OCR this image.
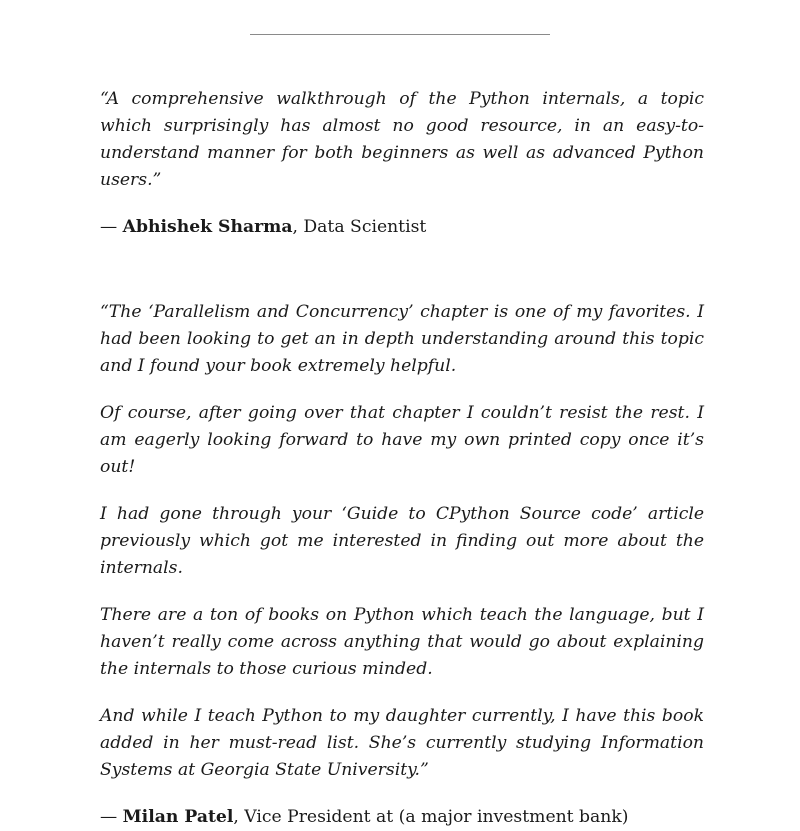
“A comprehensive walkthrough of the Python internals, a topic which surprisingly has almost no good resource, in an easy-to-understand manner for both beginners as well as advanced Python users.”

— Abhishek Sharma, Data Scientist

“The ‘Parallelism and Concurrency’ chapter is one of my favorites. I had been looking to get an in depth understanding around this topic and I found your book extremely helpful.

Of course, after going over that chapter I couldn’t resist the rest. I am eagerly looking forward to have my own printed copy once it’s out!

I had gone through your ‘Guide to CPython Source code’ article previously which got me interested in finding out more about the internals.

There are a ton of books on Python which teach the language, but I haven’t really come across anything that would go about explaining the internals to those curious minded.

And while I teach Python to my daughter currently, I have this book added in her must-read list. She’s currently studying Information Systems at Georgia State University.”

— Milan Patel, Vice President at (a major investment bank)
